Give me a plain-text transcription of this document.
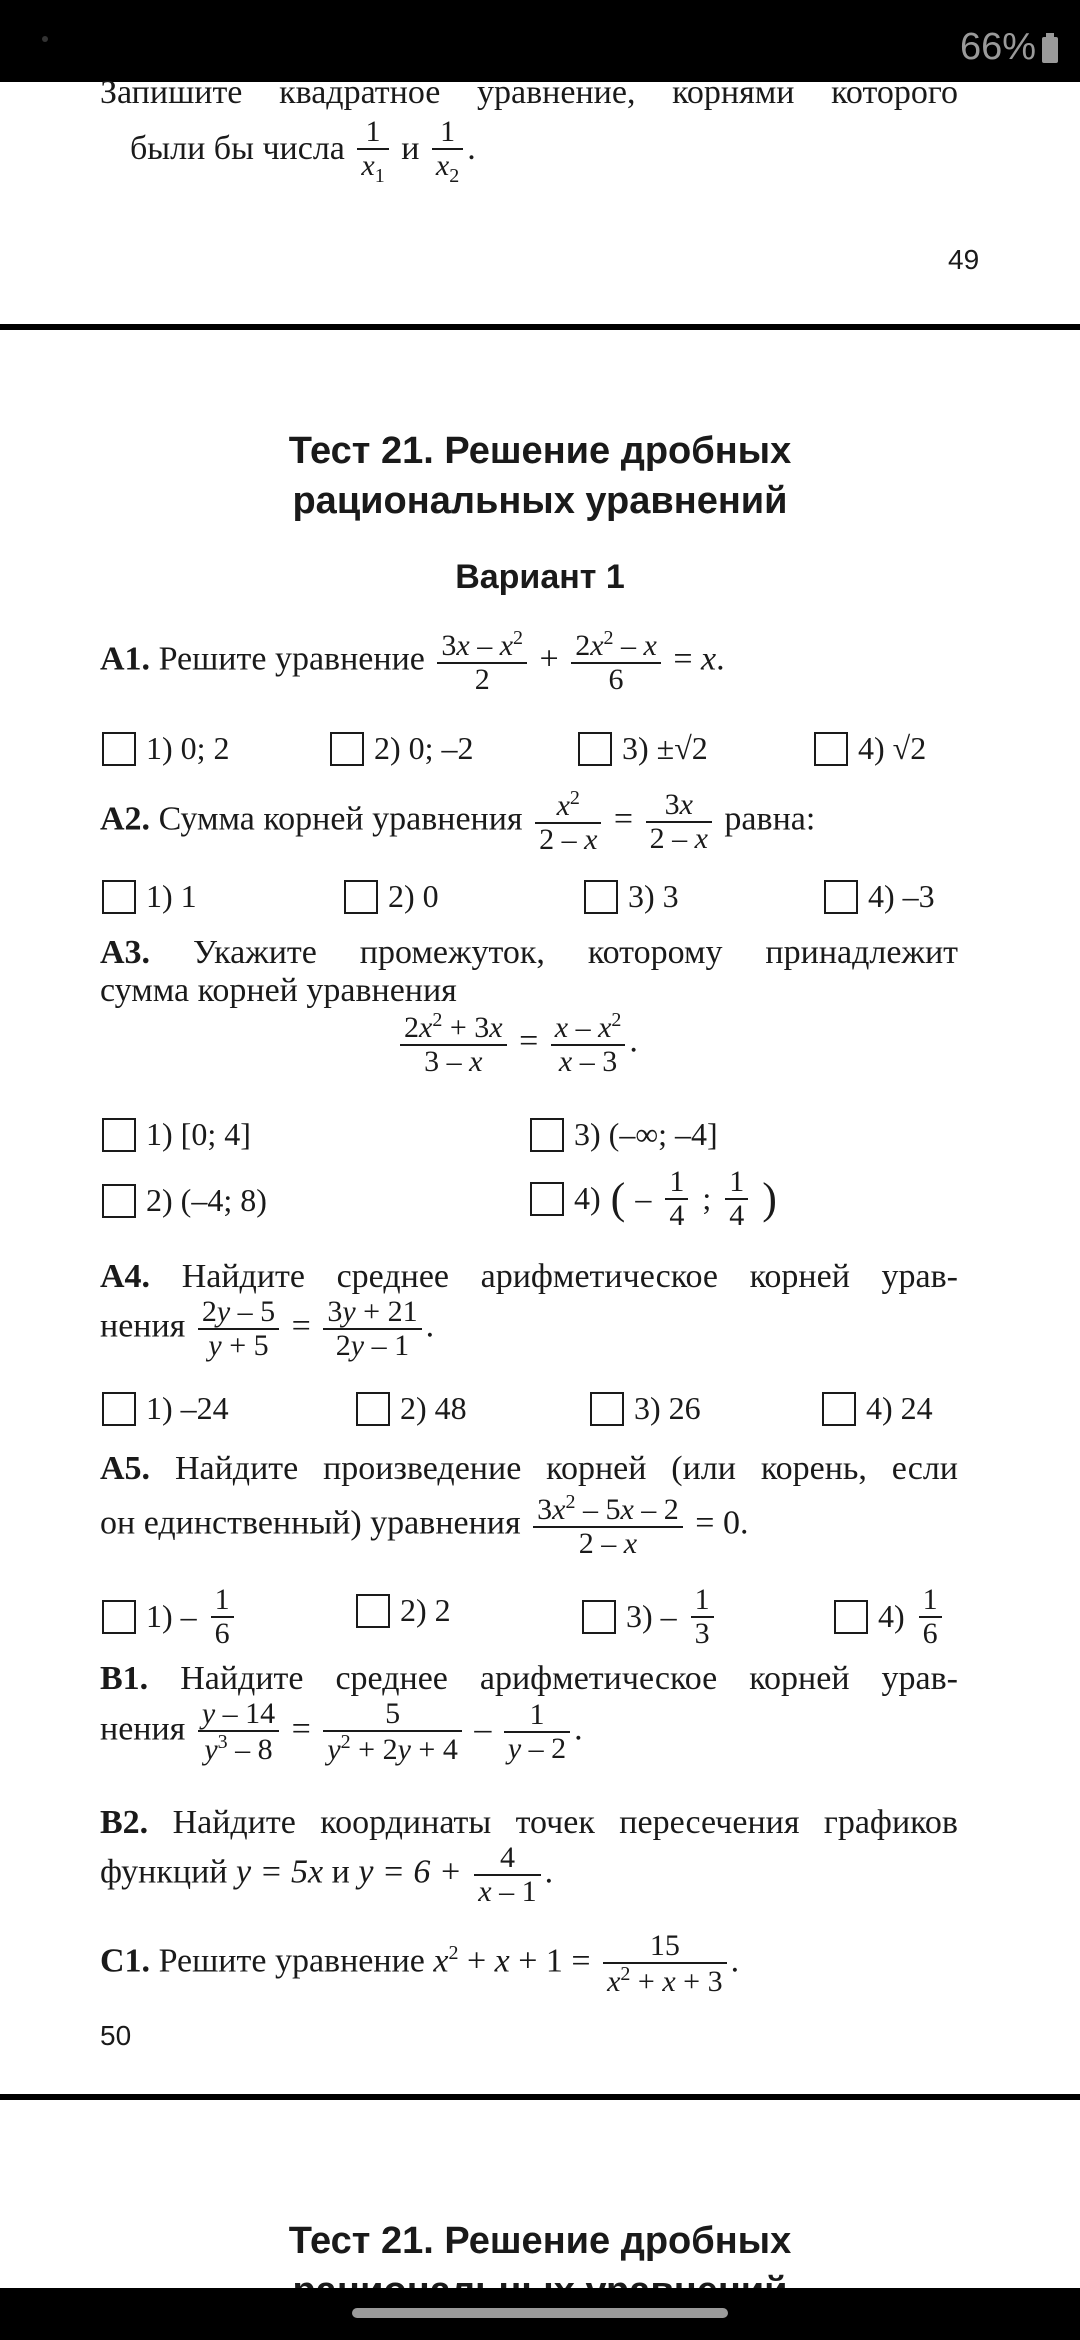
66%
Запишите квадратное уравнение, корнями которого
были бы числа $\frac{1}{x_1}$ и $\frac{1}{x_2}$ .
49
Тест 21. Решение дробных
рациональных уравнений
Вариант 1
А1. Решите уравнение $\frac{3x - x^2}{2} + \frac{2x^2 - x}{6} = x$.
1) 0; 2	2) 0; –2	3) ±√2	4) √2
А2. Сумма корней уравнения $\frac{x^2}{2 - x} = \frac{3x}{2 - x}$ равна:
1) 1	2) 0	3) 3	4) –3
А3. Укажите промежуток, которому принадлежит
сумма корней уравнения
$\frac{2x^2 + 3x}{3 - x} = \frac{x - x^2}{x - 3}$ .
1) [0; 4]	3) (–∞; –4]
2) (–4; 8)	4) ( – $\frac{1}{4}$ ; $\frac{1}{4}$ )
А4. Найдите среднее арифметическое корней урав-
нения $\frac{2y - 5}{y + 5} = \frac{3y + 21}{2y - 1}$ .
1) –24	2) 48	3) 26	4) 24
А5. Найдите произведение корней (или корень, если
он единственный) уравнения $\frac{3x^2 - 5x - 2}{2 - x} = 0$.
$1) - \frac{1}{6}$	2) 2	$3) - \frac{1}{3}$	$4) \frac{1}{6}$
В1. Найдите среднее арифметическое корней урав-
нения $\frac{y - 14}{y^3 - 8} = \frac{5}{y^2 + 2y + 4} - \frac{1}{y - 2}$ .
В2. Найдите координаты точек пересечения графиков
функций y = 5x и $y = 6 + \frac{4}{x - 1}$ .
С1. Решите уравнение $x^2 + x + 1 = \frac{15}{x^2 + x + 3}$ .
50
Тест 21. Решение дробных
